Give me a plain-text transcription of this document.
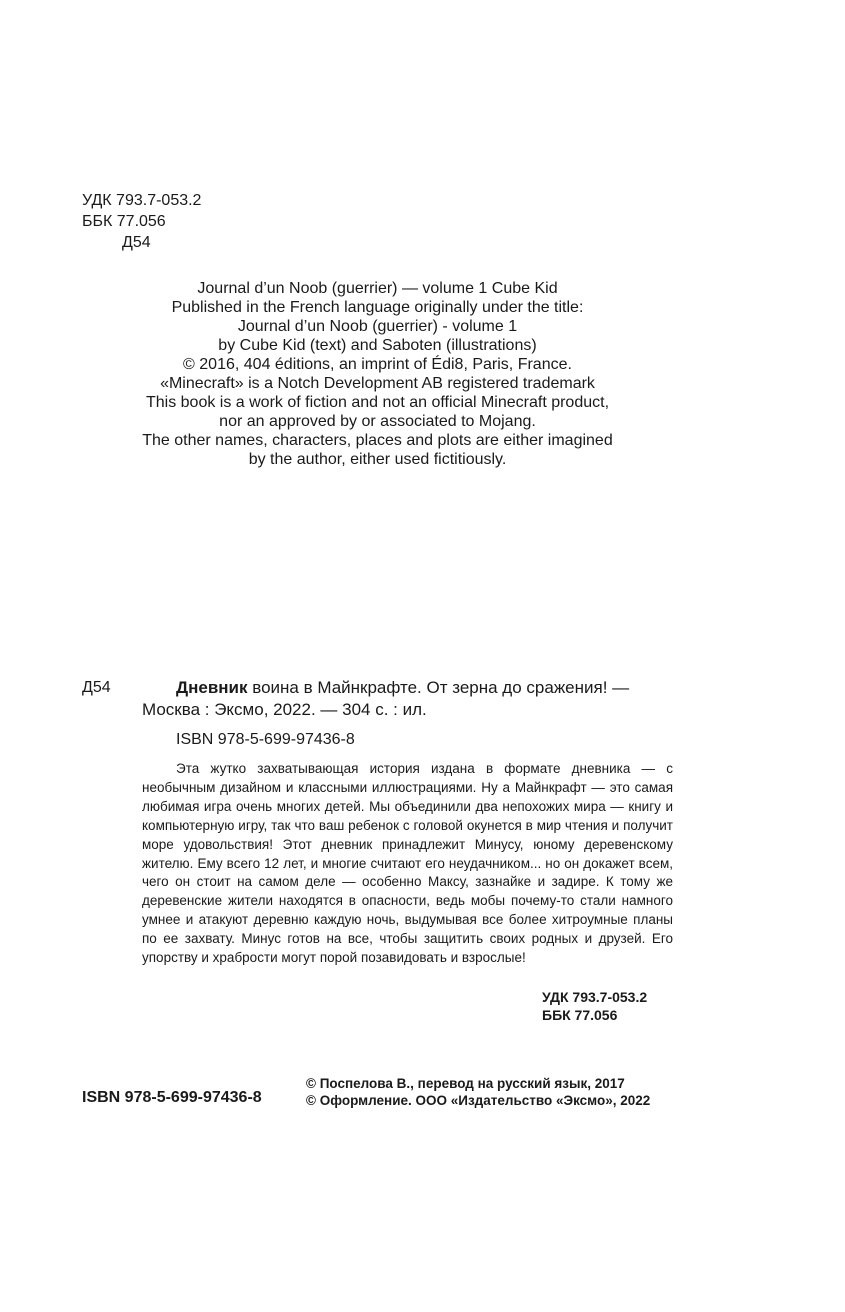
УДК 793.7-053.2
ББК 77.056
Д54
Journal d’un Noob (guerrier) — volume 1 Cube Kid
Published in the French language originally under the title:
Journal d’un Noob (guerrier) - volume 1
by Cube Kid (text) and Saboten (illustrations)
© 2016, 404 éditions, an imprint of Édi8, Paris, France.
«Minecraft» is a Notch Development AB registered trademark
This book is a work of fiction and not an official Minecraft product,
nor an approved by or associated to Mojang.
The other names, characters, places and plots are either imagined
by the author, either used fictitiously.
Д54	Дневник воина в Майнкрафте. От зерна до сражения! —
Москва : Эксмо, 2022. — 304 с. : ил.
ISBN 978-5-699-97436-8

Эта жутко захватывающая история издана в формате дневника — с необычным дизайном и классными иллюстрациями. Ну а Майнкрафт — это самая любимая игра очень многих детей. Мы объединили два непохожих мира — книгу и компьютерную игру, так что ваш ребенок с головой окунется в мир чтения и получит море удовольствия! Этот дневник принадлежит Минусу, юному деревенскому жителю. Ему всего 12 лет, и многие считают его неудачником... но он докажет всем, чего он стоит на самом деле — особенно Максу, зазнайке и задире. К тому же деревенские жители находятся в опасности, ведь мобы почему-то стали намного умнее и атакуют деревню каждую ночь, выдумывая все более хитроумные планы по ее захвату. Минус готов на все, чтобы защитить своих родных и друзей. Его упорству и храбрости могут порой позавидовать и взрослые!

УДК 793.7-053.2
ББК 77.056
© Поспелова В., перевод на русский язык, 2017
ISBN 978-5-699-97436-8	© Оформление. ООО «Издательство «Эксмо», 2022
